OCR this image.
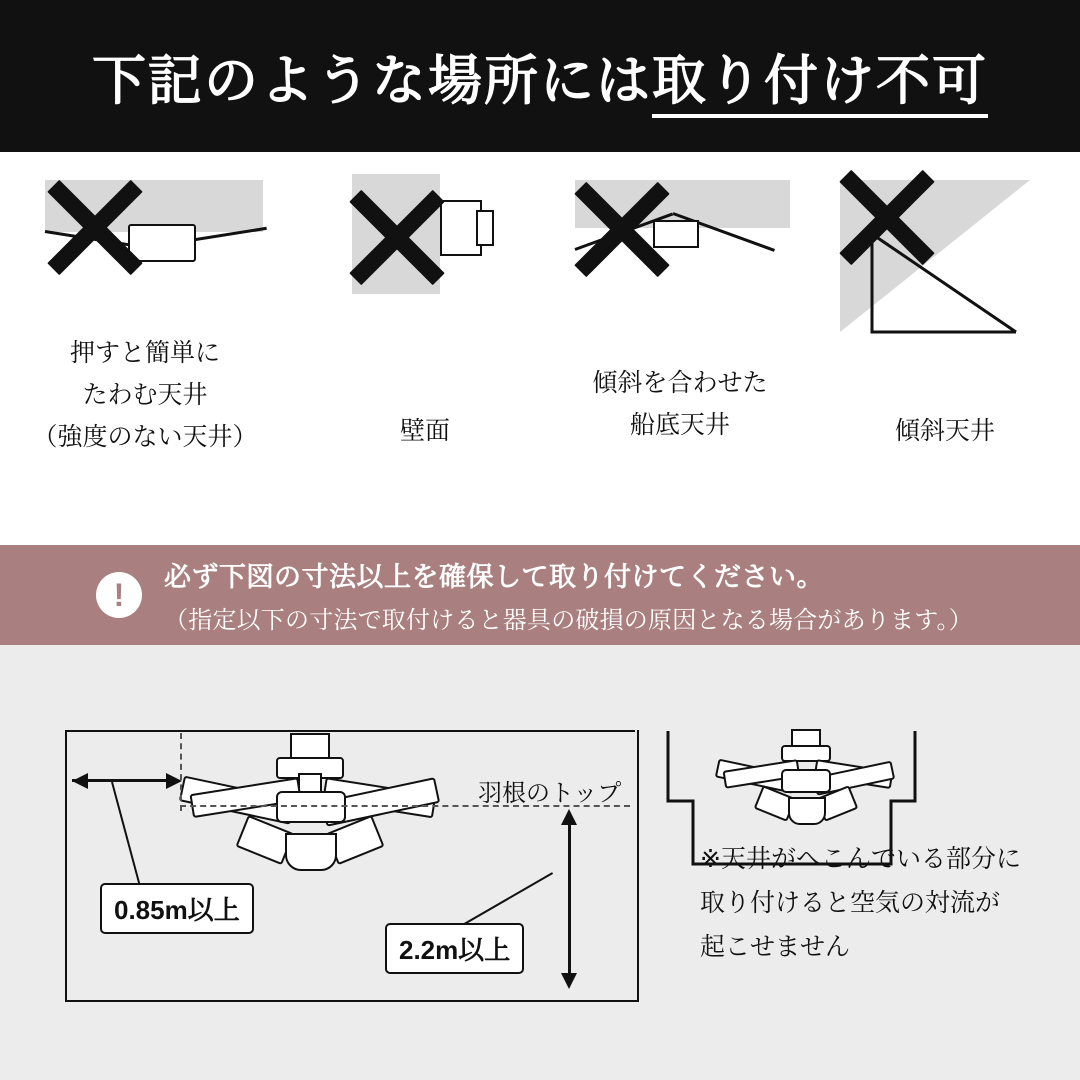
下記のような場所には取り付け不可
押すと簡単に
たわむ天井
（強度のない天井）	壁面
傾斜を合わせた
船底天井	傾斜天井
! 必ず下図の寸法以上を確保して取り付けてください。
（指定以下の寸法で取付けると器具の破損の原因となる場合があります。）
羽根のトップ
0.85m以上
2.2m以上
※天井がへこんでいる部分に
取り付けると空気の対流が
起こせません
